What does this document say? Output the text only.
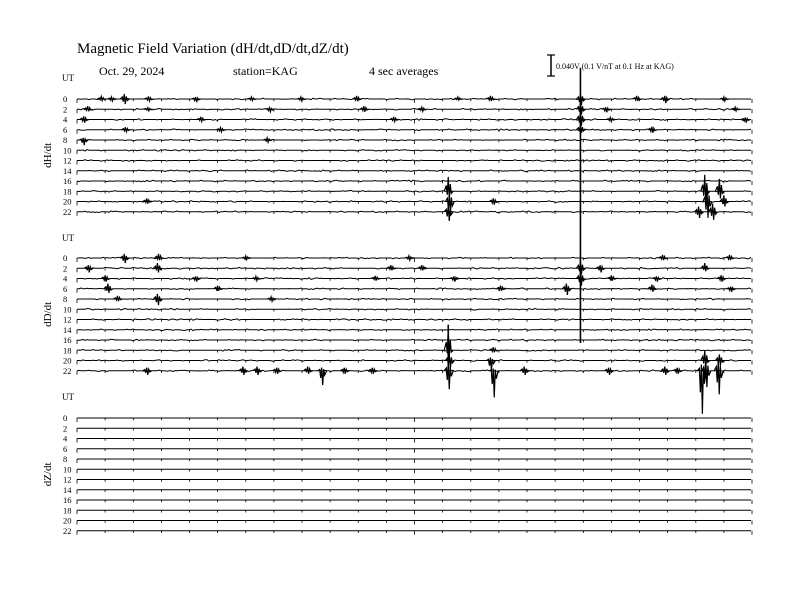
Magnetic Field Variation (dH/dt,dD/dt,dZ/dt)
Oct. 29, 2024	station=KAG	4 sec averages	0.040V (0.1 V/nT at 0.1 Hz at KAG)
UT
dH/dt
0
2
4
6
8
10
12
14
16
18
20
22
UT
dD/dt
0
2
4
6
8
10
12
14
16
18
20
22
UT
dZ/dt
0
2
4
6
8
10
12
14
16
18
20
22
